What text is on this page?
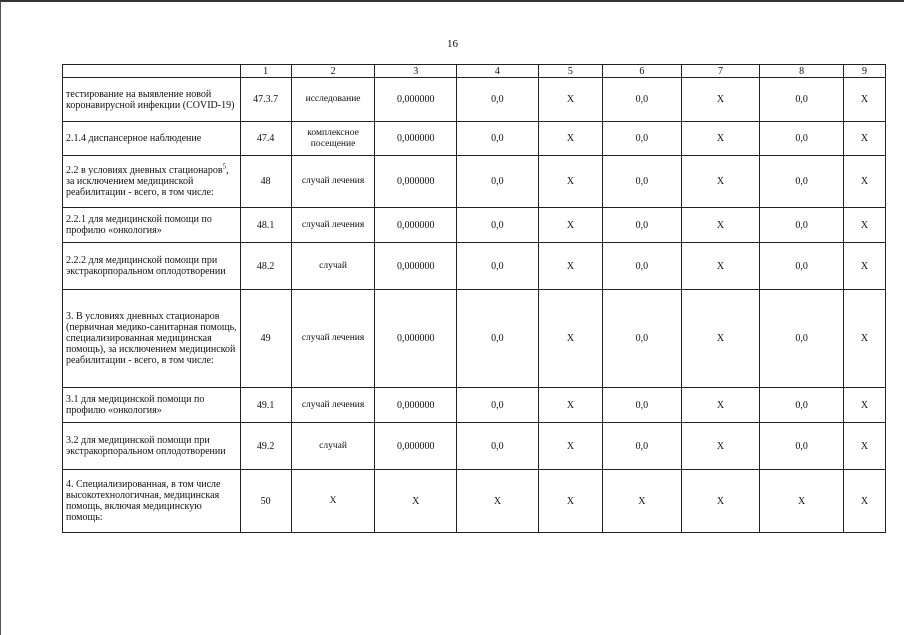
16
	1	2	3	4	5	6	7	8	9
тестирование на выявление новой коронавирусной инфекции (COVID-19)	47.3.7	исследование	0,000000	0,0	Х	0,0	Х	0,0	Х
2.1.4 диспансерное наблюдение	47.4	комплексное посещение	0,000000	0,0	Х	0,0	Х	0,0	Х
2.2 в условиях дневных стационаров$^5$, за исключением медицинской реабилитации - всего, в том числе:	48	случай лечения	0,000000	0,0	Х	0,0	Х	0,0	Х
2.2.1 для медицинской помощи по профилю «онкология»	48.1	случай лечения	0,000000	0,0	Х	0,0	Х	0,0	Х
2.2.2 для медицинской помощи при экстракорпоральном оплодотворении	48.2	случай	0,000000	0,0	Х	0,0	Х	0,0	Х
3. В условиях дневных стационаров (первичная медико-санитарная помощь, специализированная медицинская помощь), за исключением медицинской реабилитации - всего, в том числе:	49	случай лечения	0,000000	0,0	Х	0,0	Х	0,0	Х
3.1 для медицинской помощи по профилю «онкология»	49.1	случай лечения	0,000000	0,0	Х	0,0	Х	0,0	Х
3.2 для медицинской помощи при экстракорпоральном оплодотворении	49.2	случай	0,000000	0,0	Х	0,0	Х	0,0	Х
4. Специализированная, в том числе высокотехнологичная, медицинская помощь, включая медицинскую помощь:	50	Х	Х	Х	Х	Х	Х	Х	Х
